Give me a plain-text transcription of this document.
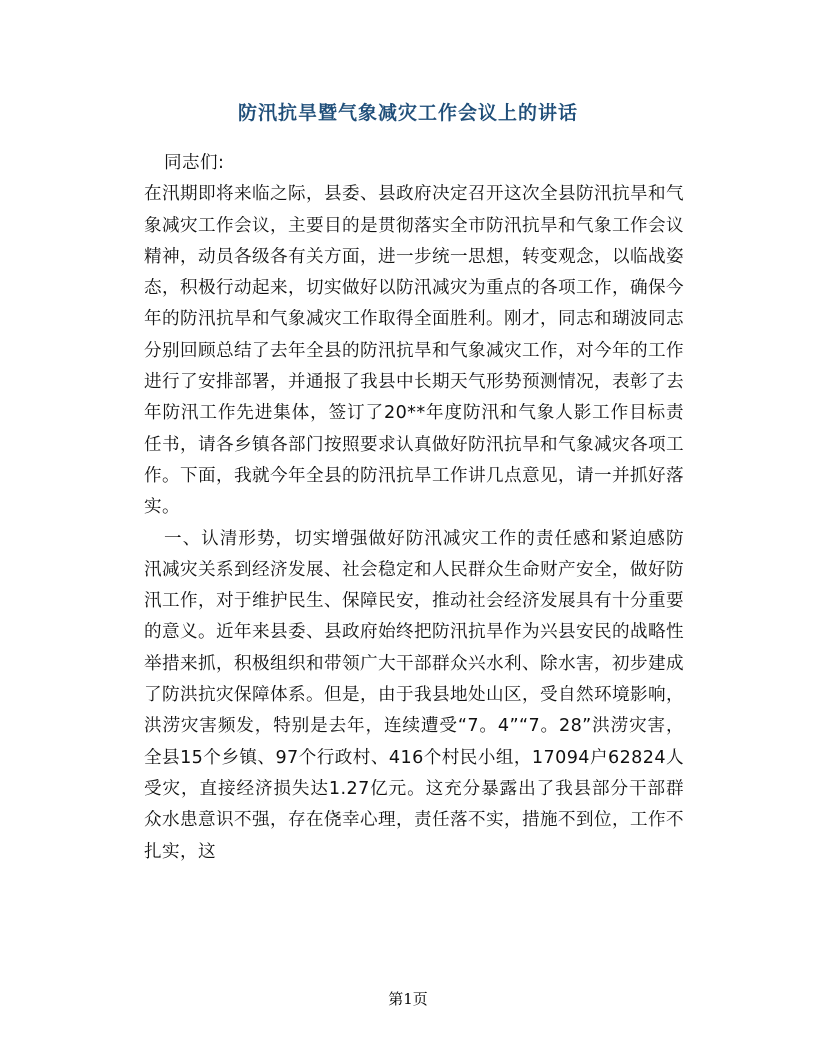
防汛抗旱暨气象减灾工作会议上的讲话

同志们:

在汛期即将来临之际，县委、县政府决定召开这次全县防汛抗旱和气象减灾工作会议，主要目的是贯彻落实全市防汛抗旱和气象工作会议精神，动员各级各有关方面，进一步统一思想，转变观念，以临战姿态，积极行动起来，切实做好以防汛减灾为重点的各项工作，确保今年的防汛抗旱和气象减灾工作取得全面胜利。刚才，同志和瑚波同志分别回顾总结了去年全县的防汛抗旱和气象减灾工作，对今年的工作进行了安排部署，并通报了我县中长期天气形势预测情况，表彰了去年防汛工作先进集体，签订了20**年度防汛和气象人影工作目标责任书，请各乡镇各部门按照要求认真做好防汛抗旱和气象减灾各项工作。下面，我就今年全县的防汛抗旱工作讲几点意见，请一并抓好落实。

一、认清形势，切实增强做好防汛减灾工作的责任感和紧迫感防汛减灾关系到经济发展、社会稳定和人民群众生命财产安全，做好防汛工作，对于维护民生、保障民安，推动社会经济发展具有十分重要的意义。近年来县委、县政府始终把防汛抗旱作为兴县安民的战略性举措来抓，积极组织和带领广大干部群众兴水利、除水害，初步建成了防洪抗灾保障体系。但是，由于我县地处山区，受自然环境影响，洪涝灾害频发，特别是去年，连续遭受“7。4”“7。28”洪涝灾害，全县15个乡镇、97个行政村、416个村民小组，17094户62824人受灾，直接经济损失达1.27亿元。这充分暴露出了我县部分干部群众水患意识不强，存在侥幸心理，责任落不实，措施不到位，工作不扎实，这

第1页
